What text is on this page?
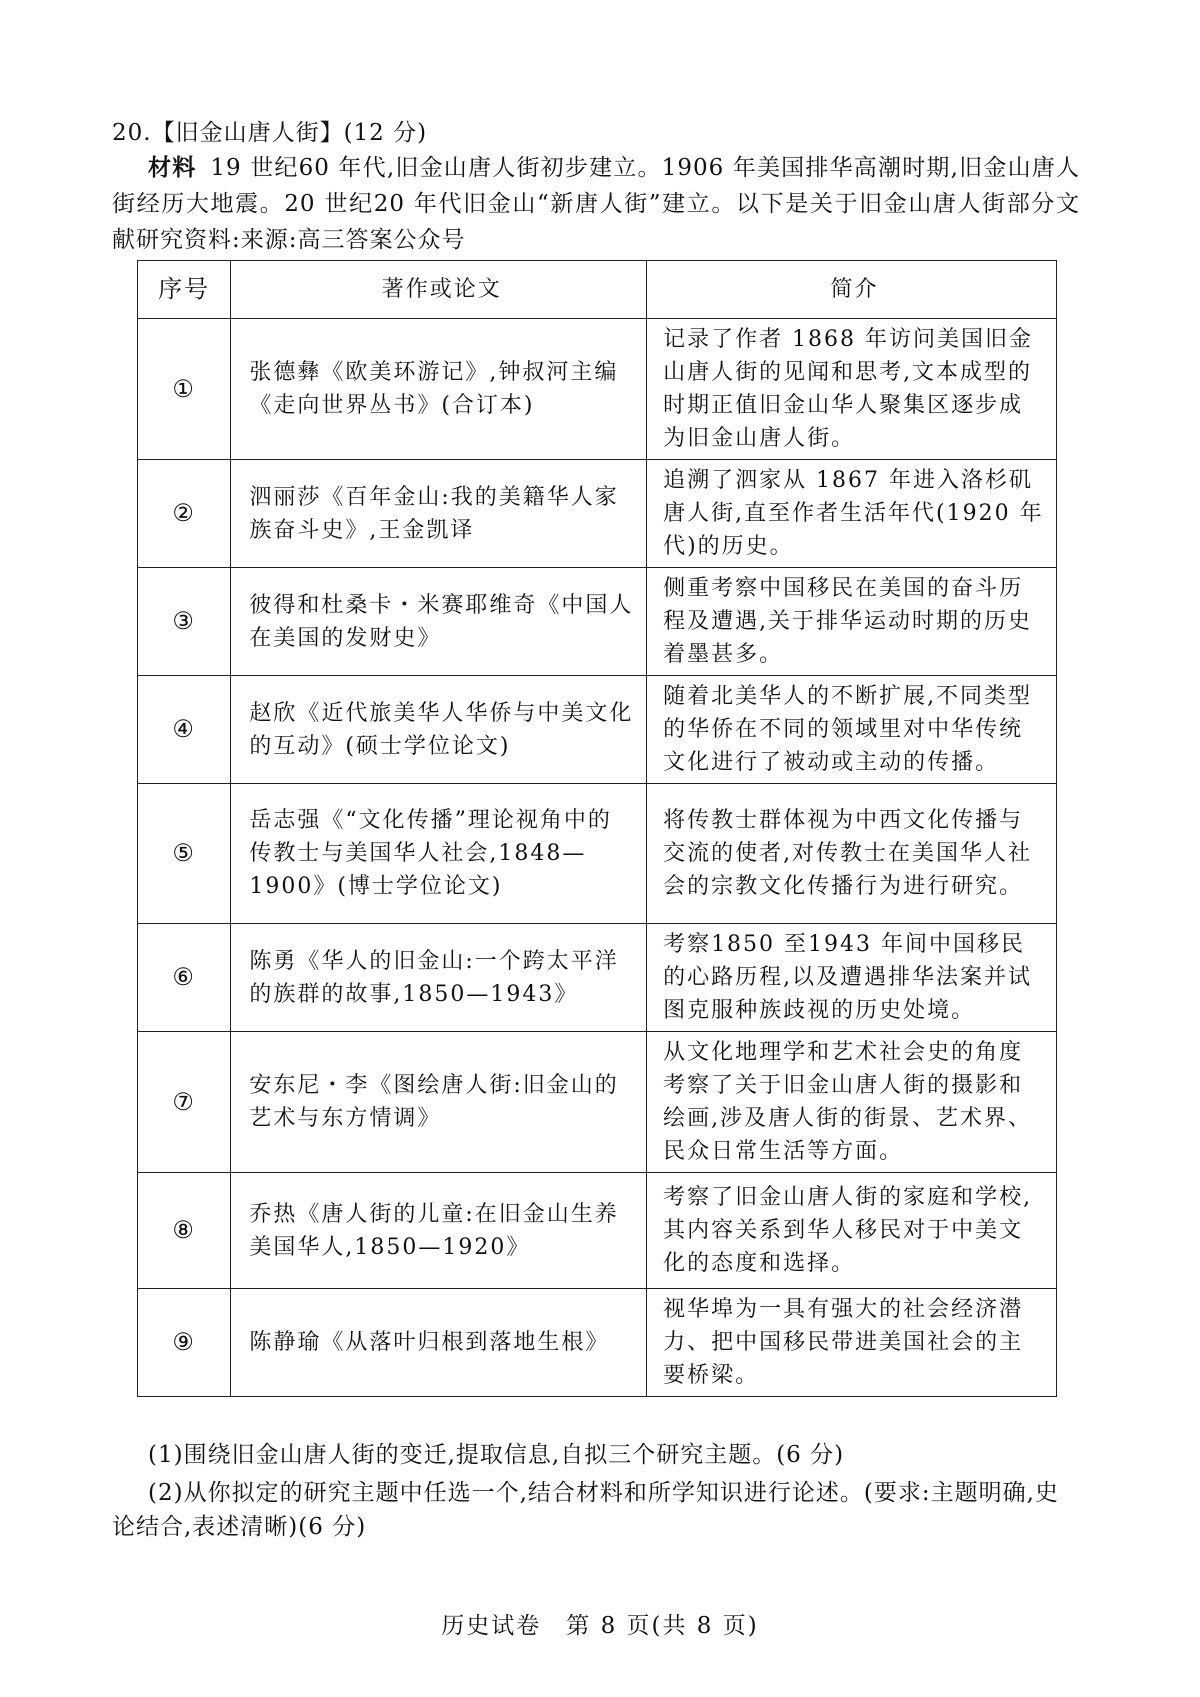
20.【旧金山唐人街】(12 分)
材料 19 世纪60 年代,旧金山唐人街初步建立。1906 年美国排华高潮时期,旧金山唐人街经历大地震。20 世纪20 年代旧金山“新唐人街”建立。以下是关于旧金山唐人街部分文献研究资料:来源:高三答案公众号
序号	著作或论文	简介
①	张德彝《欧美环游记》,钟叔河主编《走向世界丛书》(合订本)	记录了作者 1868 年访问美国旧金山唐人街的见闻和思考,文本成型的时期正值旧金山华人聚集区逐步成为旧金山唐人街。
②	泗丽莎《百年金山:我的美籍华人家族奋斗史》,王金凯译	追溯了泗家从 1867 年进入洛杉矶唐人街,直至作者生活年代(1920 年代)的历史。
③	彼得和杜桑卡・米赛耶维奇《中国人在美国的发财史》	侧重考察中国移民在美国的奋斗历程及遭遇,关于排华运动时期的历史着墨甚多。
④	赵欣《近代旅美华人华侨与中美文化的互动》(硕士学位论文)	随着北美华人的不断扩展,不同类型的华侨在不同的领域里对中华传统文化进行了被动或主动的传播。
⑤	岳志强《“文化传播”理论视角中的传教士与美国华人社会,1848—1900》(博士学位论文)	将传教士群体视为中西文化传播与交流的使者,对传教士在美国华人社会的宗教文化传播行为进行研究。
⑥	陈勇《华人的旧金山:一个跨太平洋的族群的故事,1850—1943》	考察1850 至1943 年间中国移民的心路历程,以及遭遇排华法案并试图克服种族歧视的历史处境。
⑦	安东尼・李《图绘唐人街:旧金山的艺术与东方情调》	从文化地理学和艺术社会史的角度考察了关于旧金山唐人街的摄影和绘画,涉及唐人街的街景、艺术界、民众日常生活等方面。
⑧	乔热《唐人街的儿童:在旧金山生养美国华人,1850—1920》	考察了旧金山唐人街的家庭和学校,其内容关系到华人移民对于中美文化的态度和选择。
⑨	陈静瑜《从落叶归根到落地生根》	视华埠为一具有强大的社会经济潜力、把中国移民带进美国社会的主要桥梁。

(1)围绕旧金山唐人街的变迁,提取信息,自拟三个研究主题。(6 分)

(2)从你拟定的研究主题中任选一个,结合材料和所学知识进行论述。(要求:主题明确,史论结合,表述清晰)(6 分)

历史试卷　第 8 页(共 8 页)
